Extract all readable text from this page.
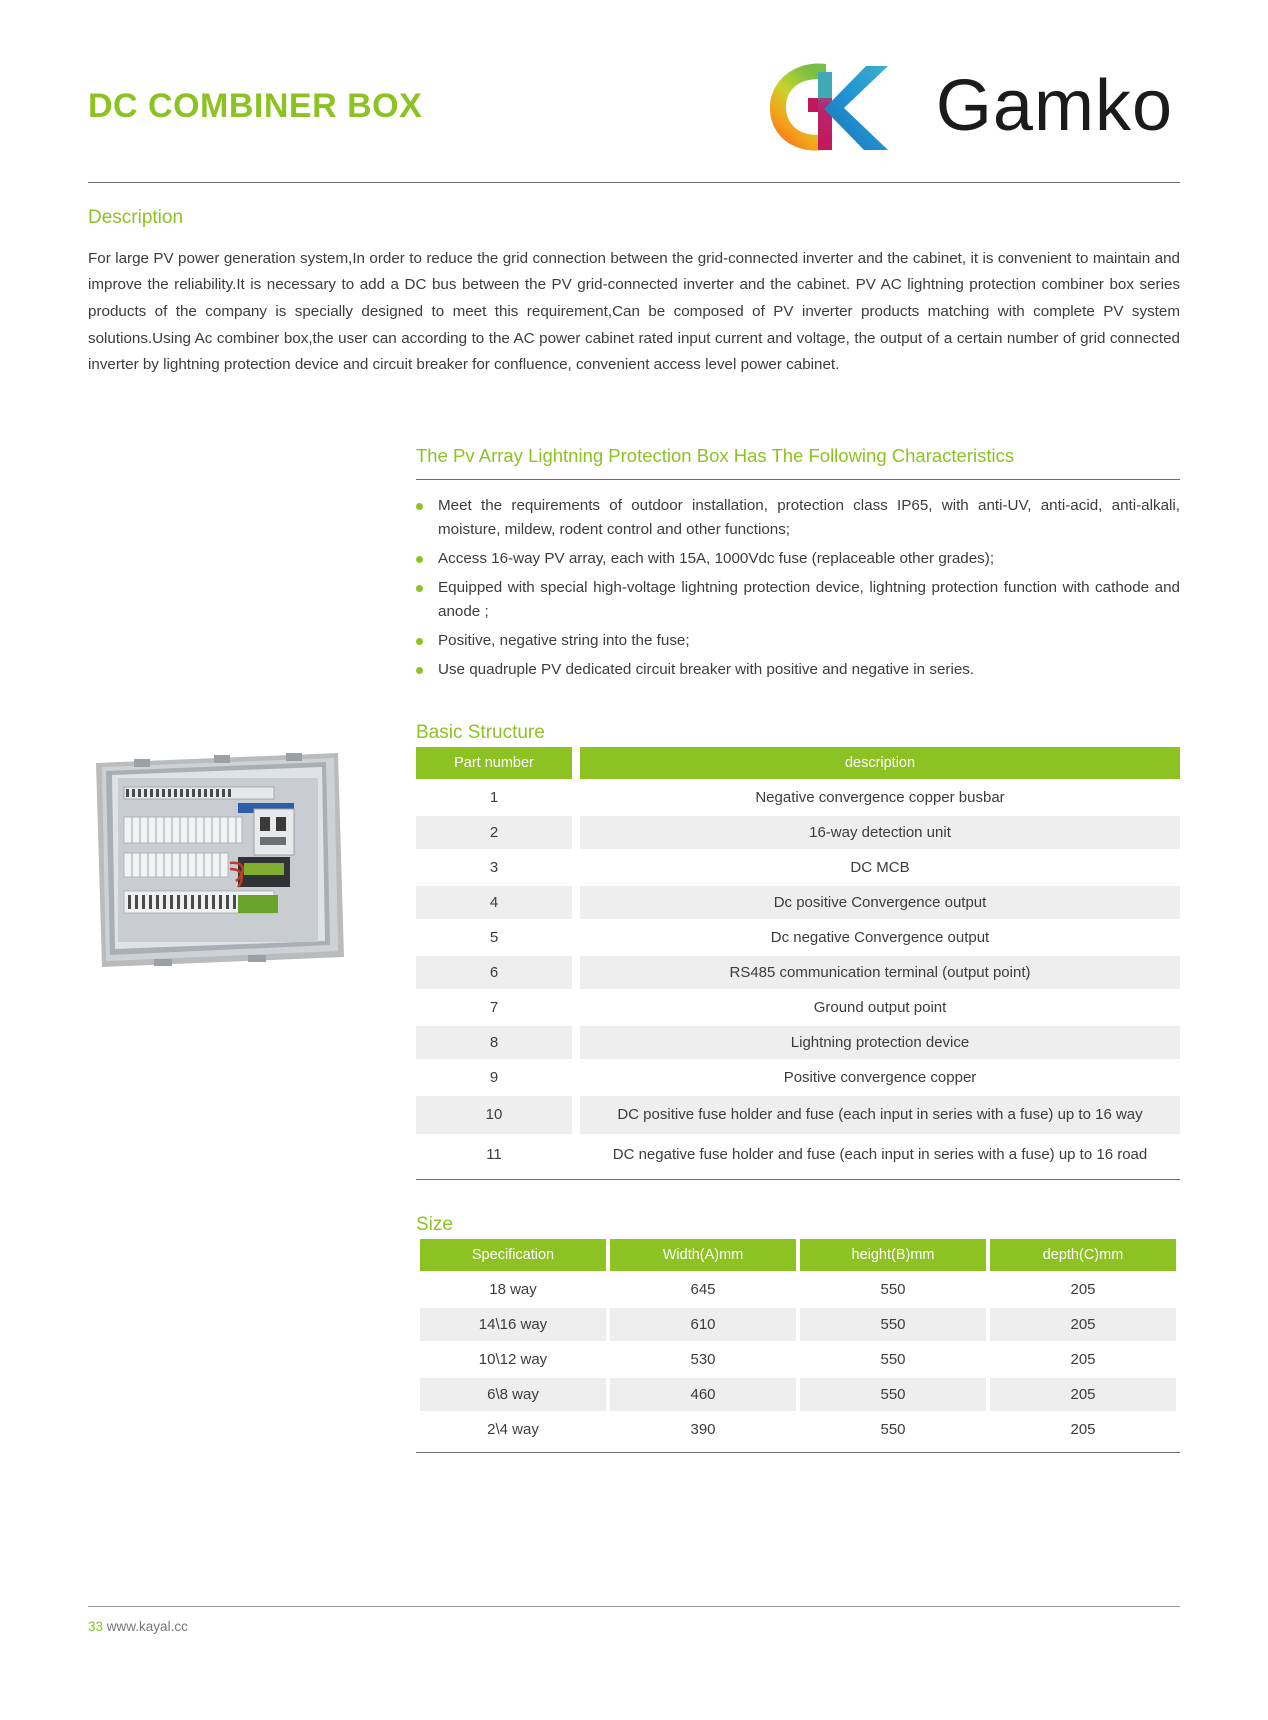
DC COMBINER BOX	Gamko
Description
For large PV power generation system,In order to reduce the grid connection between the grid-connected inverter and the cabinet, it is convenient to maintain and improve the reliability.It is necessary to add a DC bus between the PV grid-connected inverter and the cabinet. PV AC lightning protection combiner box series products of the company is specially designed to meet this requirement,Can be composed of PV inverter products matching with complete PV system solutions.Using Ac combiner box,the user can according to the AC power cabinet rated input current and voltage, the output of a certain number of grid connected inverter by lightning protection device and circuit breaker for confluence, convenient access level power cabinet.
The Pv Array Lightning Protection Box Has The Following Characteristics
Meet the requirements of outdoor installation, protection class IP65, with anti-UV, anti-acid, anti-alkali, moisture, mildew, rodent control and other functions;
Access 16-way PV array, each with 15A, 1000Vdc fuse (replaceable other grades);
Equipped with special high-voltage lightning protection device, lightning protection function with cathode and anode ;
Positive, negative string into the fuse;
Use quadruple PV dedicated circuit breaker with positive and negative in series.
Basic Structure
Part number	description
1	Negative convergence copper busbar
2	16-way detection unit
3	DC MCB
4	Dc positive Convergence output
5	Dc negative Convergence output
6	RS485 communication terminal (output point)
7	Ground output point
8	Lightning protection device
9	Positive convergence copper
10	DC positive fuse holder and fuse (each input in series with a fuse) up to 16 way
11	DC negative fuse holder and fuse (each input in series with a fuse) up to 16 road
Size
Specification	Width(A)mm	height(B)mm	depth(C)mm
18 way	645	550	205
14\16 way	610	550	205
10\12 way	530	550	205
6\8 way	460	550	205
2\4 way	390	550	205
33 www.kayal.cc
